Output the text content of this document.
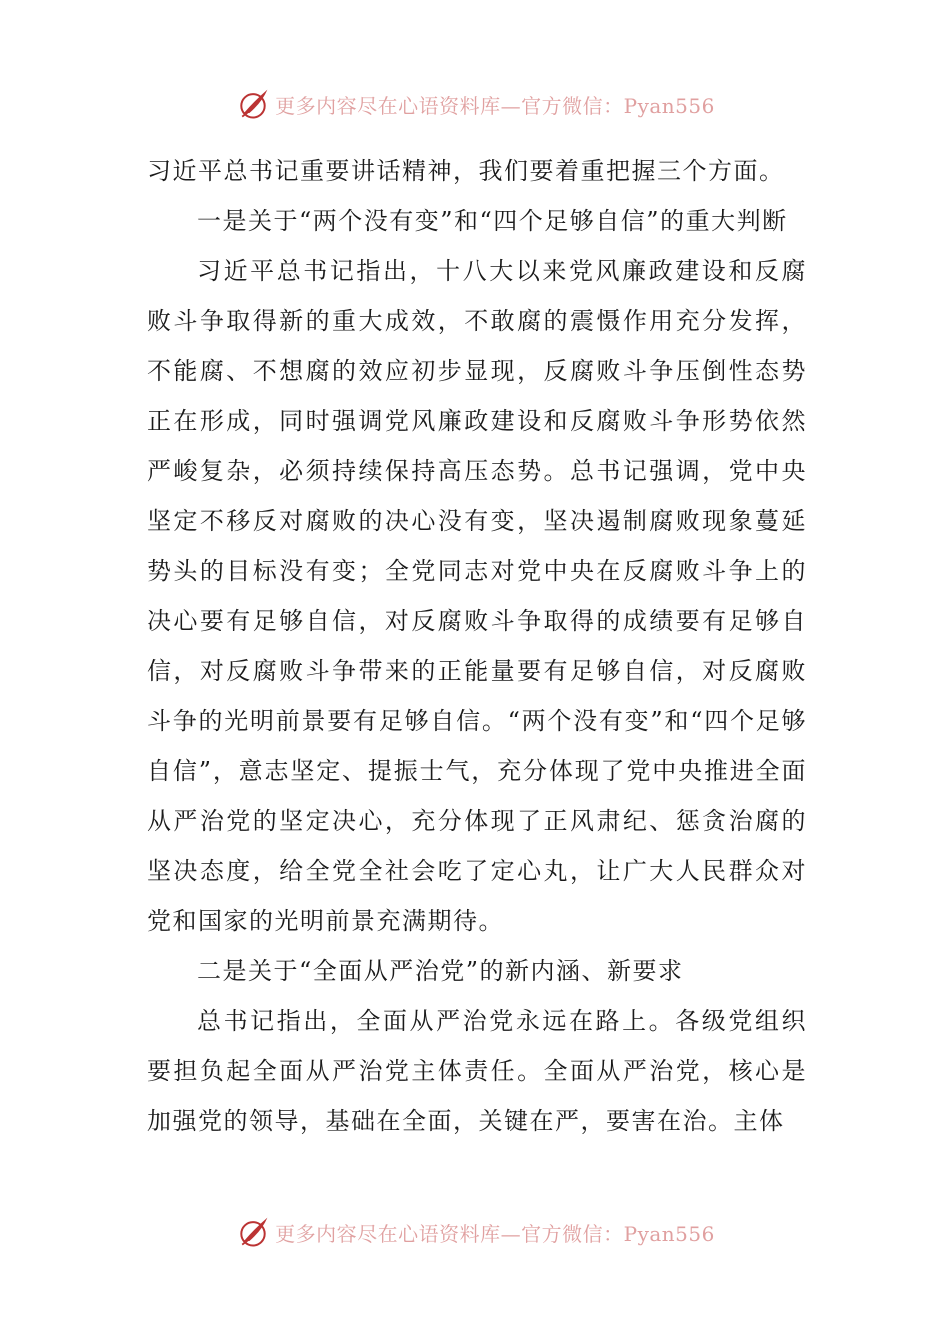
更多内容尽在心语资料库—官方微信：Pyan556

习近平总书记重要讲话精神，我们要着重把握三个方面。

一是关于“两个没有变”和“四个足够自信”的重大判断

习近平总书记指出，十八大以来党风廉政建设和反腐败斗争取得新的重大成效，不敢腐的震慑作用充分发挥，不能腐、不想腐的效应初步显现，反腐败斗争压倒性态势正在形成，同时强调党风廉政建设和反腐败斗争形势依然严峻复杂，必须持续保持高压态势。总书记强调，党中央坚定不移反对腐败的决心没有变，坚决遏制腐败现象蔓延势头的目标没有变；全党同志对党中央在反腐败斗争上的决心要有足够自信，对反腐败斗争取得的成绩要有足够自信，对反腐败斗争带来的正能量要有足够自信，对反腐败斗争的光明前景要有足够自信。“两个没有变”和“四个足够自信”，意志坚定、提振士气，充分体现了党中央推进全面从严治党的坚定决心，充分体现了正风肃纪、惩贪治腐的坚决态度，给全党全社会吃了定心丸，让广大人民群众对党和国家的光明前景充满期待。

二是关于“全面从严治党”的新内涵、新要求

总书记指出，全面从严治党永远在路上。各级党组织要担负起全面从严治党主体责任。全面从严治党，核心是加强党的领导，基础在全面，关键在严，要害在治。主体

更多内容尽在心语资料库—官方微信：Pyan556
